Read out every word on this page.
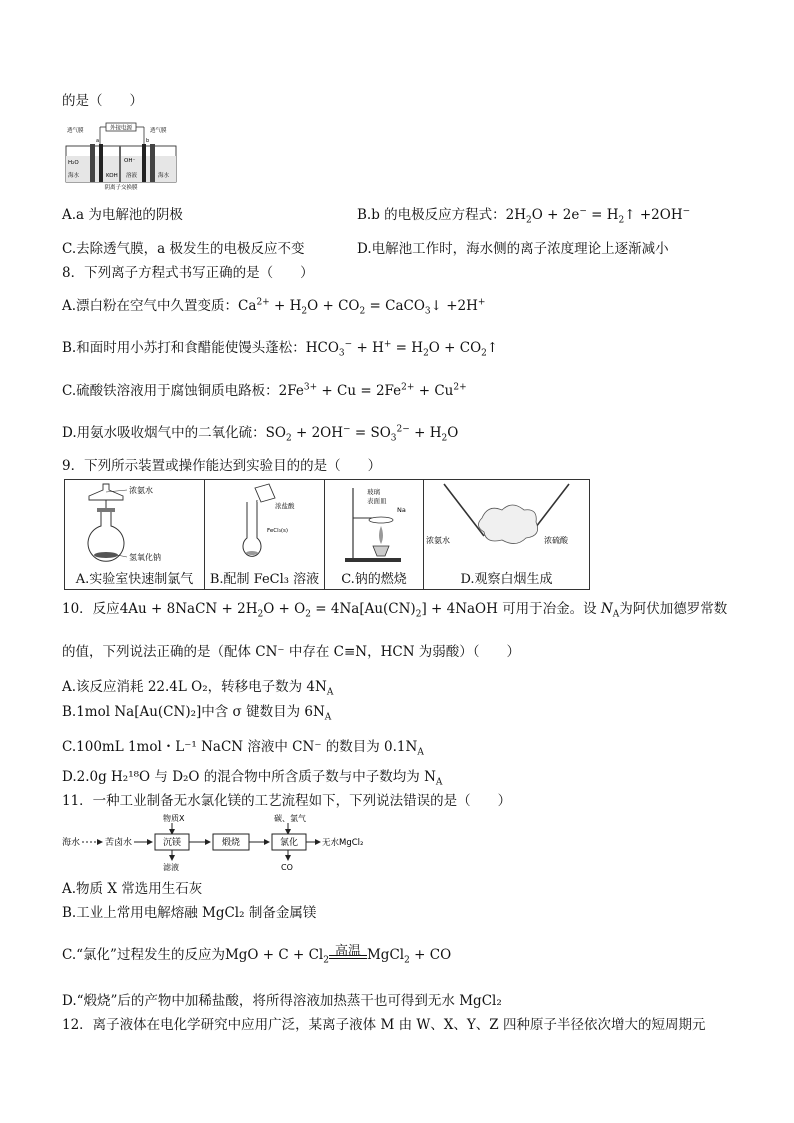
的是（　　）
外接电源
透气膜	透气膜
a	b
H₂O	OH⁻
海水	KOH 溶液	海水
阴离子交换膜
A.a 为电解池的阴极	B.b 的电极反应方程式：$2H_2O + 2e^-$ = $H_2↑ +2OH^-$
C.去除透气膜，a 极发生的电极反应不变	D.电解池工作时，海水侧的离子浓度理论上逐渐减小
8．下列离子方程式书写正确的是（　　）
A.漂白粉在空气中久置变质：$Ca^{2+} + H_2O + CO_2$ = CaCO$_3$↓ +2H+
B.和面时用小苏打和食醋能使馒头蓬松：$HCO_3^- + H^+ = H_2O$ + $CO_2↑$
C.硫酸铁溶液用于腐蚀铜质电路板：$2Fe^{3+} + Cu = 2Fe^{2+} + Cu^{2+}$
D.用氨水吸收烟气中的二氧化硫：$SO_2 + 2OH^- = SO_3^{2-} + H_2O$
9．下列所示装置或操作能达到实验目的的是（　　）
浓氨水
氢氧化钠
A.实验室快速制氯气

浓盐酸
FeCl₃(s)
B.配制 FeCl₃ 溶液

玻璃
表面皿
Na
C.钠的燃烧

浓氨水	浓硫酸
D.观察白烟生成
10．反应4Au + 8NaCN + $2H_2O + O_2 = 4Na[Au(CN)_2]$ + 4NaOH 可用于冶金。设 $N_A$为阿伏加德罗常数
的值，下列说法正确的是（配体 CN⁻ 中存在 C≡N，HCN 为弱酸）（　　）
A.该反应消耗 22.4L O₂，转移电子数为 $4N_A$
B.1mol Na[Au(CN)₂]中含 σ 键数目为 $6N_A$
C.100mL 1mol・L⁻¹ NaCN 溶液中 CN⁻ 的数目为 $0.1N_A$
D.2.0g H₂¹⁸O 与 D₂O 的混合物中所含质子数与中子数均为 $N_A$
11．一种工业制备无水氯化镁的工艺流程如下，下列说法错误的是（　　）
海水	苦卤水
物质X
沉镁
滤液
煅烧
碳、氯气
氯化
CO
无水MgCl₂
A.物质 X 常选用生石灰
B.工业上常用电解熔融 MgCl₂ 制备金属镁
C.“氯化”过程发生的反应为MgO + $C + Cl_2$
高温 MgCl$_2$ + CO
D.“煅烧”后的产物中加稀盐酸，将所得溶液加热蒸干也可得到无水 MgCl₂
12．离子液体在电化学研究中应用广泛，某离子液体 M 由 W、X、Y、Z 四种原子半径依次增大的短周期元
